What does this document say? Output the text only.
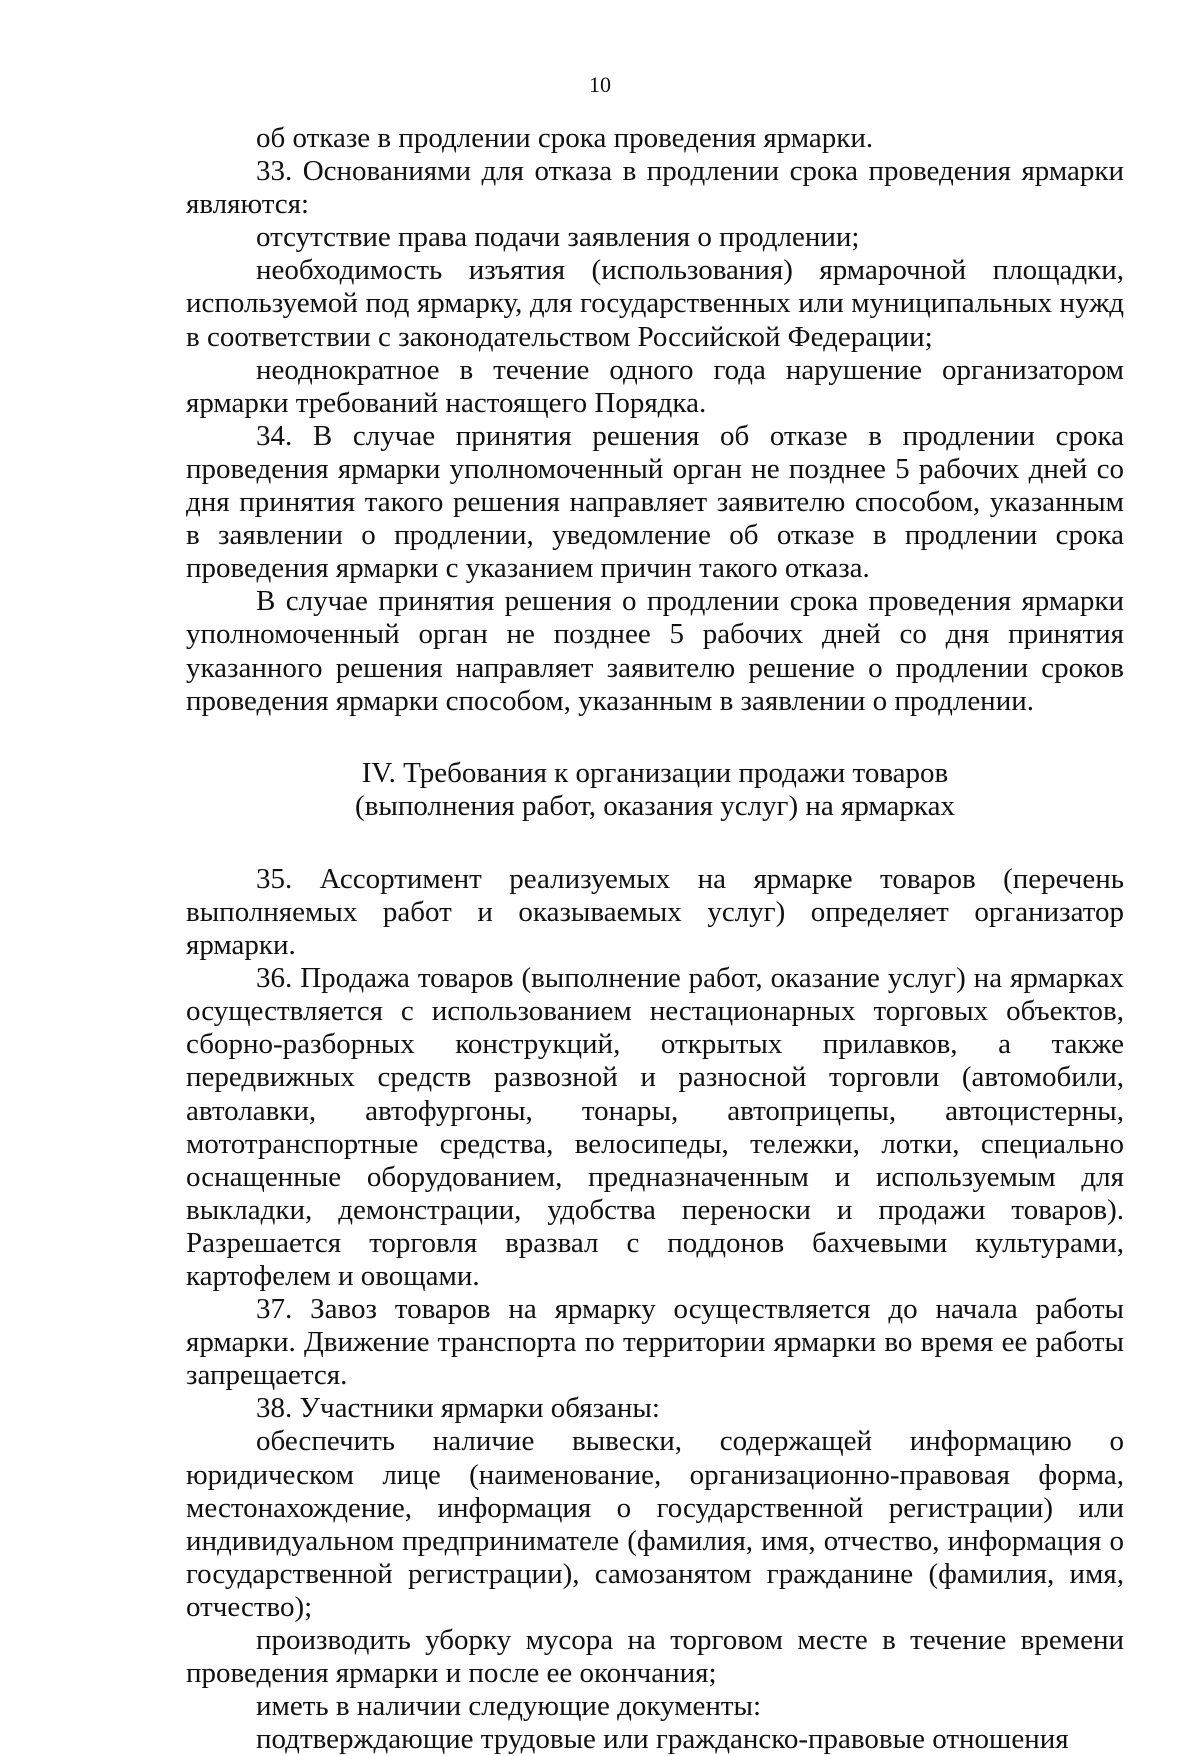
10

об отказе в продлении срока проведения ярмарки.

33. Основаниями для отказа в продлении срока проведения ярмарки являются:

отсутствие права подачи заявления о продлении;

необходимость изъятия (использования) ярмарочной площадки, используемой под ярмарку, для государственных или муниципальных нужд в соответствии с законодательством Российской Федерации;

неоднократное в течение одного года нарушение организатором ярмарки требований настоящего Порядка.

34. В случае принятия решения об отказе в продлении срока проведения ярмарки уполномоченный орган не позднее 5 рабочих дней со дня принятия такого решения направляет заявителю способом, указанным в заявлении о продлении, уведомление об отказе в продлении срока проведения ярмарки с указанием причин такого отказа.

В случае принятия решения о продлении срока проведения ярмарки уполномоченный орган не позднее 5 рабочих дней со дня принятия указанного решения направляет заявителю решение о продлении сроков проведения ярмарки способом, указанным в заявлении о продлении.

IV. Требования к организации продажи товаров
(выполнения работ, оказания услуг) на ярмарках

35. Ассортимент реализуемых на ярмарке товаров (перечень выполняемых работ и оказываемых услуг) определяет организатор ярмарки.

36. Продажа товаров (выполнение работ, оказание услуг) на ярмарках осуществляется с использованием нестационарных торговых объектов, сборно-разборных конструкций, открытых прилавков, а также передвижных средств развозной и разносной торговли (автомобили, автолавки, автофургоны, тонары, автоприцепы, автоцистерны, мототранспортные средства, велосипеды, тележки, лотки, специально оснащенные оборудованием, предназначенным и используемым для выкладки, демонстрации, удобства переноски и продажи товаров). Разрешается торговля вразвал с поддонов бахчевыми культурами, картофелем и овощами.

37. Завоз товаров на ярмарку осуществляется до начала работы ярмарки. Движение транспорта по территории ярмарки во время ее работы запрещается.

38. Участники ярмарки обязаны:

обеспечить наличие вывески, содержащей информацию о юридическом лице (наименование, организационно-правовая форма, местонахождение, информация о государственной регистрации) или индивидуальном предпринимателе (фамилия, имя, отчество, информация о государственной регистрации), самозанятом гражданине (фамилия, имя, отчество);

производить уборку мусора на торговом месте в течение времени проведения ярмарки и после ее окончания;

иметь в наличии следующие документы:

подтверждающие трудовые или гражданско-правовые отношения
